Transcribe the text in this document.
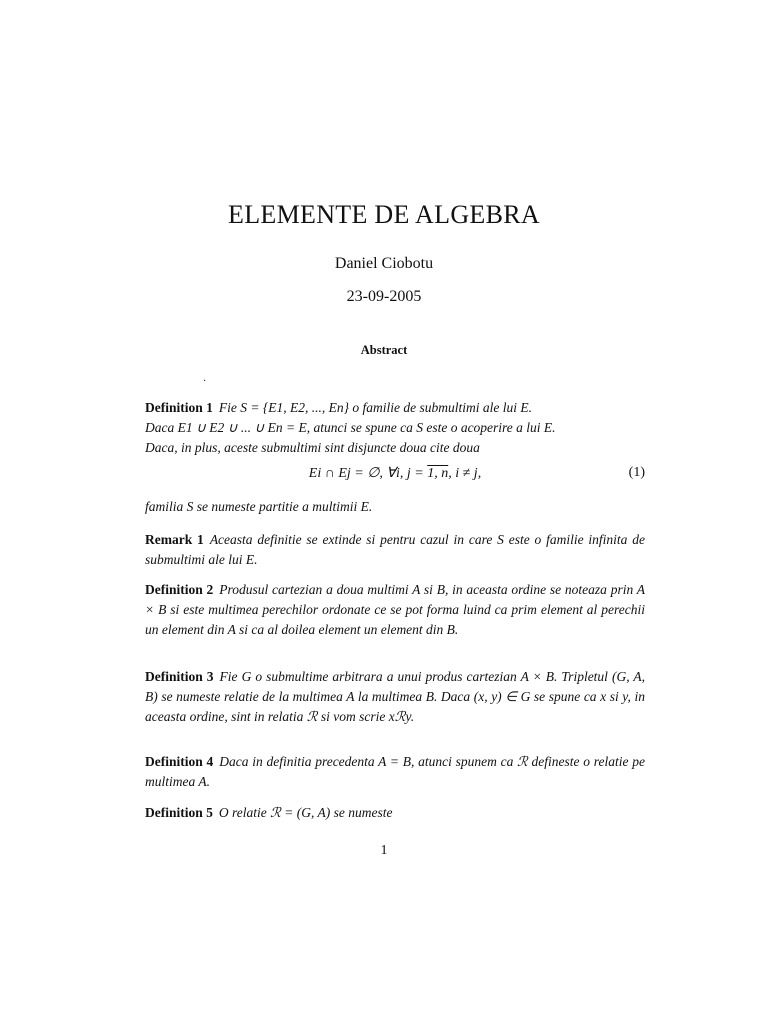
ELEMENTE DE ALGEBRA
Daniel Ciobotu
23-09-2005
Abstract
.
Definition 1 Fie S = {E1, E2, ..., En} o familie de submultimi ale lui E.
Daca E1 ∪ E2 ∪ ... ∪ En = E, atunci se spune ca S este o acoperire a lui E.
Daca, in plus, aceste submultimi sint disjuncte doua cite doua
Ei ∩ Ej = ∅, ∀i, j = 1, n, i ≠ j,	(1)
familia S se numeste partitie a multimii E.
Remark 1 Aceasta definitie se extinde si pentru cazul in care S este o familie infinita de submultimi ale lui E.
Definition 2 Produsul cartezian a doua multimi A si B, in aceasta ordine se noteaza prin A × B si este multimea perechilor ordonate ce se pot forma luind ca prim element al perechii un element din A si ca al doilea element un element din B.
Definition 3 Fie G o submultime arbitrara a unui produs cartezian A × B. Tripletul (G, A, B) se numeste relatie de la multimea A la multimea B. Daca (x, y) ∈ G se spune ca x si y, in aceasta ordine, sint in relatia ℛ si vom scrie xℛy.
Definition 4 Daca in definitia precedenta A = B, atunci spunem ca ℛ defineste o relatie pe multimea A.
Definition 5 O relatie ℛ = (G, A) se numeste
1
